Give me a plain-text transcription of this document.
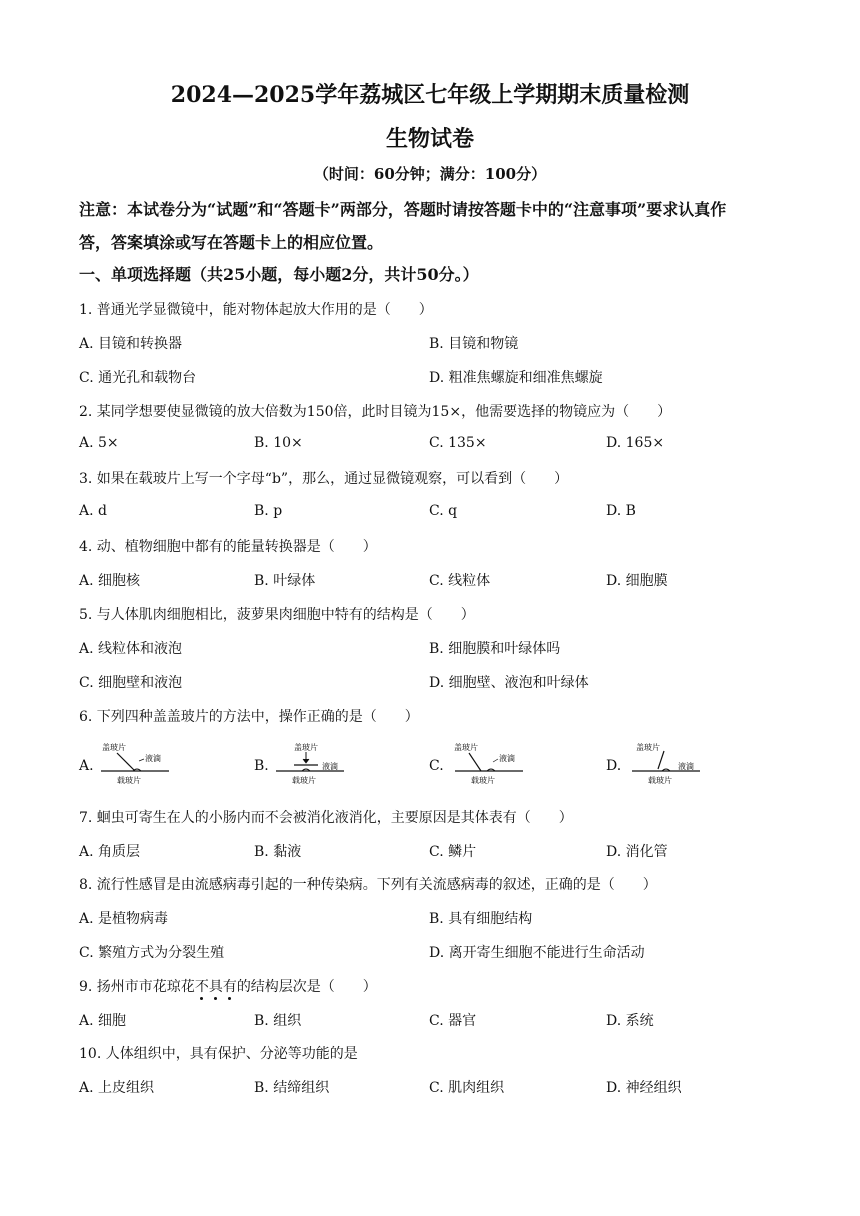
2024—2025学年荔城区七年级上学期期末质量检测
生物试卷
（时间：60分钟；满分：100分）
注意：本试卷分为“试题”和“答题卡”两部分，答题时请按答题卡中的“注意事项”要求认真作
答，答案填涂或写在答题卡上的相应位置。
一、单项选择题（共25小题，每小题2分，共计50分。）
1. 普通光学显微镜中，能对物体起放大作用的是（　　）
A. 目镜和转换器	B. 目镜和物镜
C. 通光孔和载物台	D. 粗准焦螺旋和细准焦螺旋
2. 某同学想要使显微镜的放大倍数为150倍，此时目镜为15×，他需要选择的物镜应为（　　）
A. 5×	B. 10×	C. 135×	D. 165×
3. 如果在载玻片上写一个字母“b”，那么，通过显微镜观察，可以看到（　　）
A. d	B. p	C. q	D. B
4. 动、植物细胞中都有的能量转换器是（　　）
A. 细胞核	B. 叶绿体	C. 线粒体	D. 细胞膜
5. 与人体肌肉细胞相比，菠萝果肉细胞中特有的结构是（　　）
A. 线粒体和液泡	B. 细胞膜和叶绿体吗
C. 细胞壁和液泡	D. 细胞壁、液泡和叶绿体
6. 下列四种盖盖玻片的方法中，操作正确的是（　　）
A.
盖玻片
液滴
载玻片
B.
盖玻片
液滴
载玻片
C.
盖玻片
液滴
载玻片
D.
盖玻片
液滴
载玻片
7. 蛔虫可寄生在人的小肠内而不会被消化液消化，主要原因是其体表有（　　）
A. 角质层	B. 黏液	C. 鳞片	D. 消化管
8. 流行性感冒是由流感病毒引起的一种传染病。下列有关流感病毒的叙述，正确的是（　　）
A. 是植物病毒	B. 具有细胞结构
C. 繁殖方式为分裂生殖	D. 离开寄生细胞不能进行生命活动
9. 扬州市市花琼花不具有的结构层次是（　　）
A. 细胞	B. 组织	C. 器官	D. 系统
10. 人体组织中，具有保护、分泌等功能的是
A. 上皮组织	B. 结缔组织	C. 肌肉组织	D. 神经组织
